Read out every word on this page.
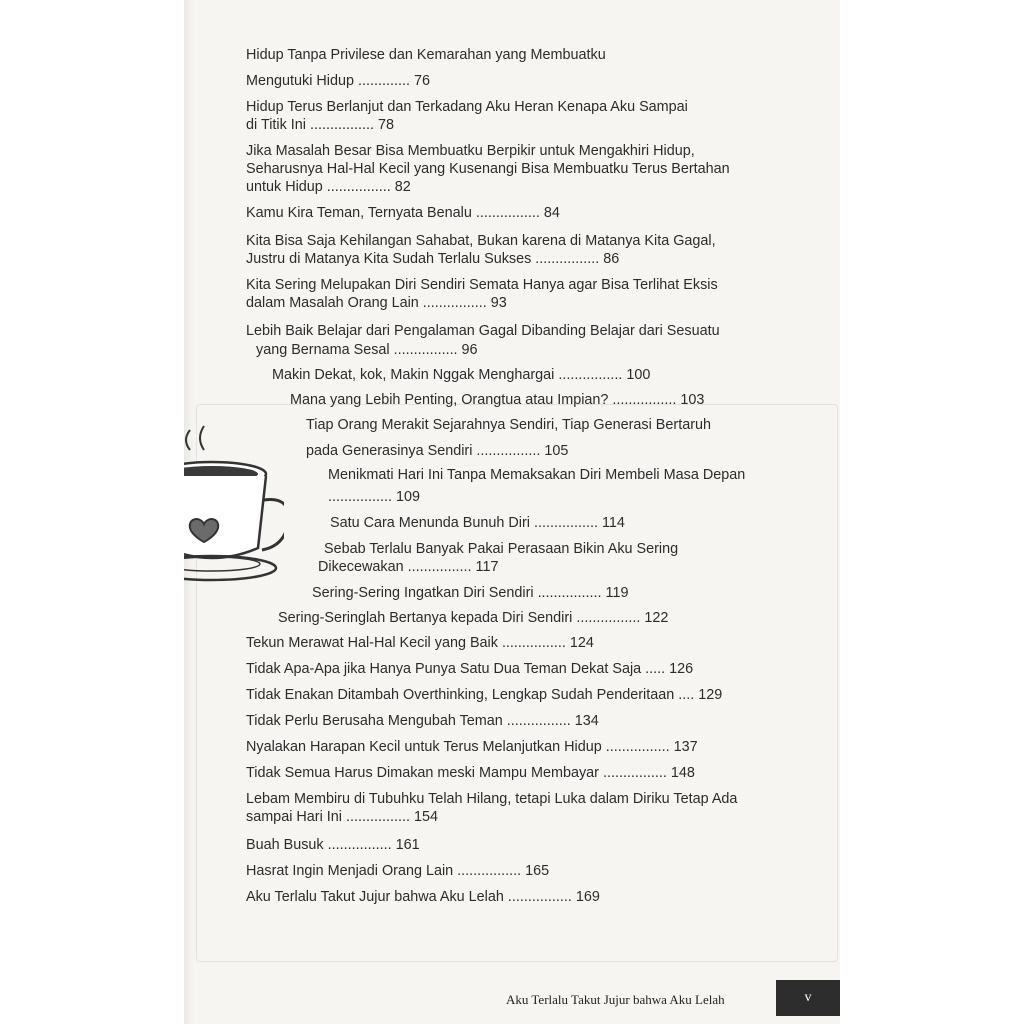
Hidup Tanpa Privilese dan Kemarahan yang Membuatku
Mengutuki Hidup ............. 76
Hidup Terus Berlanjut dan Terkadang Aku Heran Kenapa Aku Sampai
di Titik Ini ................ 78
Jika Masalah Besar Bisa Membuatku Berpikir untuk Mengakhiri Hidup,
Seharusnya Hal-Hal Kecil yang Kusenangi Bisa Membuatku Terus Bertahan
untuk Hidup ................ 82
Kamu Kira Teman, Ternyata Benalu ................ 84
Kita Bisa Saja Kehilangan Sahabat, Bukan karena di Matanya Kita Gagal,
Justru di Matanya Kita Sudah Terlalu Sukses ................ 86
Kita Sering Melupakan Diri Sendiri Semata Hanya agar Bisa Terlihat Eksis
dalam Masalah Orang Lain ................ 93
Lebih Baik Belajar dari Pengalaman Gagal Dibanding Belajar dari Sesuatu
yang Bernama Sesal ................ 96
Makin Dekat, kok, Makin Nggak Menghargai ................ 100
Mana yang Lebih Penting, Orangtua atau Impian? ................ 103
Tiap Orang Merakit Sejarahnya Sendiri, Tiap Generasi Bertaruh
pada Generasinya Sendiri ................ 105
Menikmati Hari Ini Tanpa Memaksakan Diri Membeli Masa Depan
................ 109
Satu Cara Menunda Bunuh Diri ................ 114
Sebab Terlalu Banyak Pakai Perasaan Bikin Aku Sering
Dikecewakan ................ 117
Sering-Sering Ingatkan Diri Sendiri ................ 119
Sering-Seringlah Bertanya kepada Diri Sendiri ................ 122
Tekun Merawat Hal-Hal Kecil yang Baik ................ 124
Tidak Apa-Apa jika Hanya Punya Satu Dua Teman Dekat Saja ..... 126
Tidak Enakan Ditambah Overthinking, Lengkap Sudah Penderitaan .... 129
Tidak Perlu Berusaha Mengubah Teman ................ 134
Nyalakan Harapan Kecil untuk Terus Melanjutkan Hidup ................ 137
Tidak Semua Harus Dimakan meski Mampu Membayar ................ 148
Lebam Membiru di Tubuhku Telah Hilang, tetapi Luka dalam Diriku Tetap Ada
sampai Hari Ini ................ 154
Buah Busuk ................ 161
Hasrat Ingin Menjadi Orang Lain ................ 165
Aku Terlalu Takut Jujur bahwa Aku Lelah ................ 169
Aku Terlalu Takut Jujur bahwa Aku Lelah	v
